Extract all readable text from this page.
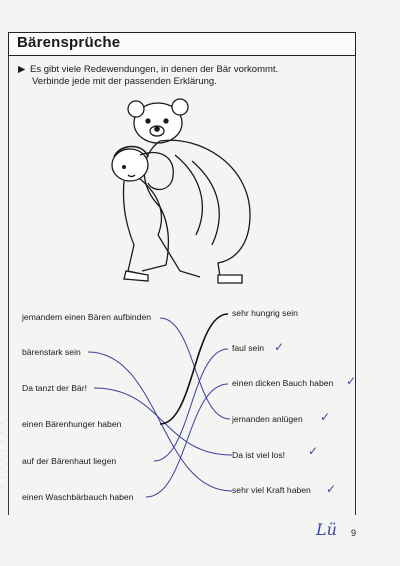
Bärensprüche
▶ Es gibt viele Redewendungen, in denen der Bär vorkommt.
Verbinde jede mit der passenden Erklärung.
·
·
·
·
·
·
·
·
jemandem einen Bären aufbinden
bärenstark sein
Da tanzt der Bär!
einen Bärenhunger haben
auf der Bärenhaut liegen
einen Waschbärbauch haben
sehr hungrig sein
faul sein
einen dicken Bauch haben
jemanden anlügen
Da ist viel los!
sehr viel Kraft haben
✓
✓
✓
✓
✓
Lü 9
